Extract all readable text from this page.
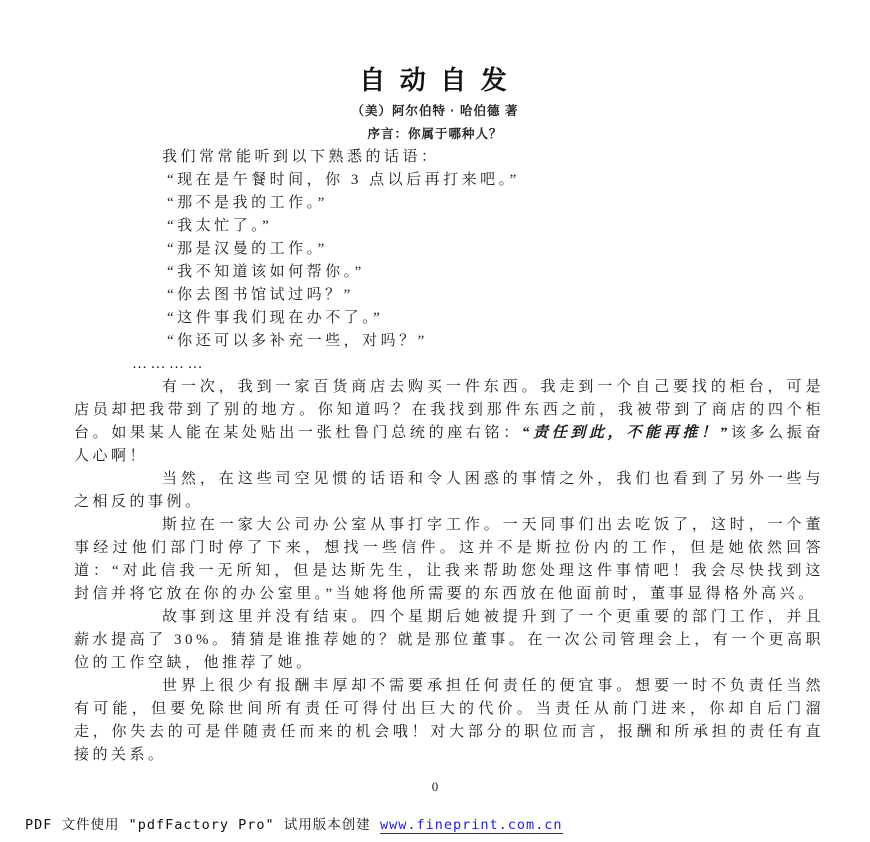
自 动 自 发
（美）阿尔伯特 · 哈伯德 著
序言：你属于哪种人？

我们常常能听到以下熟悉的话语：

“现在是午餐时间，你 3 点以后再打来吧。”

“那不是我的工作。”

“我太忙了。”

“那是汉曼的工作。”

“我不知道该如何帮你。”

“你去图书馆试过吗？”

“这件事我们现在办不了。”

“你还可以多补充一些，对吗？”

…………

有一次，我到一家百货商店去购买一件东西。我走到一个自己要找的柜台，可是店员却把我带到了别的地方。你知道吗？在我找到那件东西之前，我被带到了商店的四个柜台。如果某人能在某处贴出一张杜鲁门总统的座右铭：“责任到此，不能再推！”该多么振奋人心啊！

当然，在这些司空见惯的话语和令人困惑的事情之外，我们也看到了另外一些与之相反的事例。

斯拉在一家大公司办公室从事打字工作。一天同事们出去吃饭了，这时，一个董事经过他们部门时停了下来，想找一些信件。这并不是斯拉份内的工作，但是她依然回答道：“对此信我一无所知，但是达斯先生，让我来帮助您处理这件事情吧！我会尽快找到这封信并将它放在你的办公室里。”当她将他所需要的东西放在他面前时，董事显得格外高兴。

故事到这里并没有结束。四个星期后她被提升到了一个更重要的部门工作，并且薪水提高了 30%。猜猜是谁推荐她的？就是那位董事。在一次公司管理会上，有一个更高职位的工作空缺，他推荐了她。

世界上很少有报酬丰厚却不需要承担任何责任的便宜事。想要一时不负责任当然有可能，但要免除世间所有责任可得付出巨大的代价。当责任从前门进来，你却自后门溜走，你失去的可是伴随责任而来的机会哦！对大部分的职位而言，报酬和所承担的责任有直接的关系。

0
PDF 文件使用 "pdfFactory Pro" 试用版本创建 www.fineprint.com.cn
